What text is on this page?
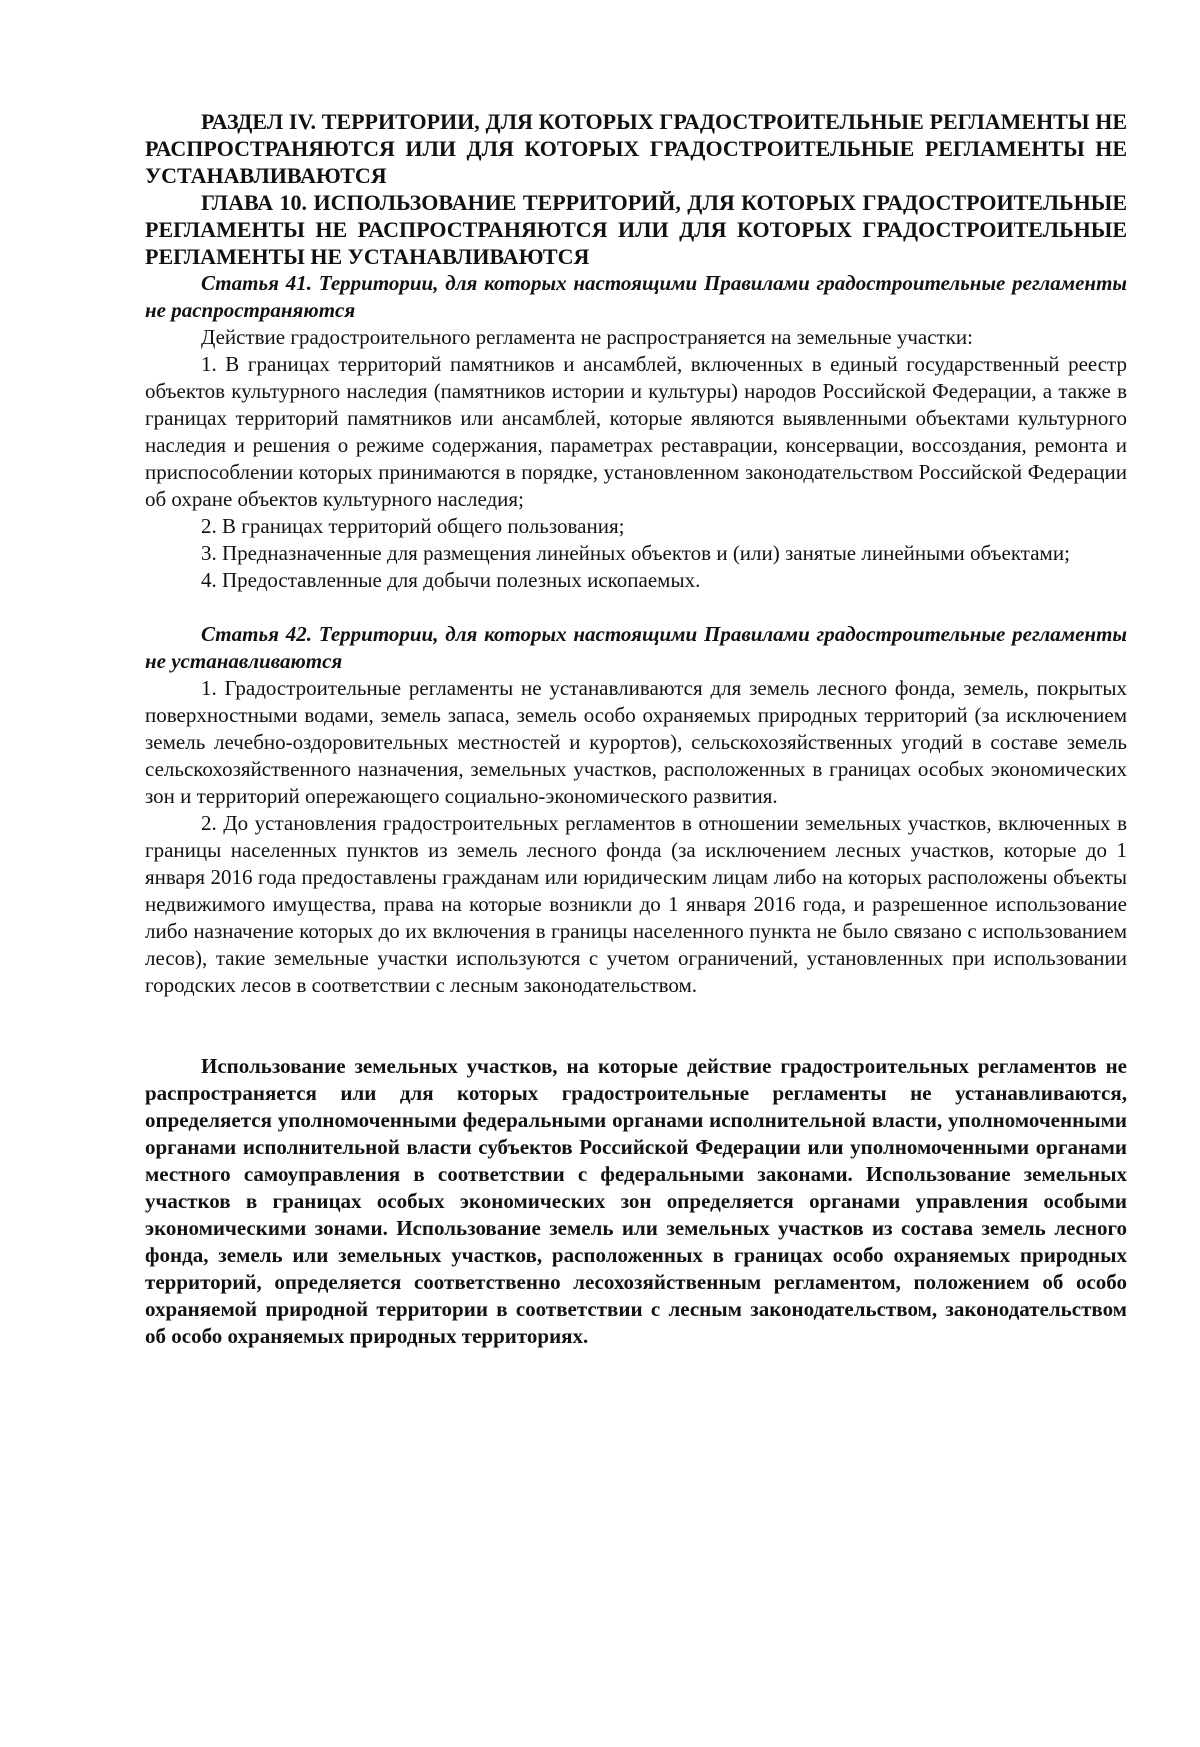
РАЗДЕЛ IV. ТЕРРИТОРИИ, ДЛЯ КОТОРЫХ ГРАДОСТРОИТЕЛЬНЫЕ РЕГЛАМЕНТЫ НЕ РАСПРОСТРАНЯЮТСЯ ИЛИ ДЛЯ КОТОРЫХ ГРАДОСТРОИТЕЛЬНЫЕ РЕГЛАМЕНТЫ НЕ УСТАНАВЛИВАЮТСЯ

ГЛАВА 10. ИСПОЛЬЗОВАНИЕ ТЕРРИТОРИЙ, ДЛЯ КОТОРЫХ ГРАДОСТРОИТЕЛЬНЫЕ РЕГЛАМЕНТЫ НЕ РАСПРОСТРАНЯЮТСЯ ИЛИ ДЛЯ КОТОРЫХ ГРАДОСТРОИТЕЛЬНЫЕ РЕГЛАМЕНТЫ НЕ УСТАНАВЛИВАЮТСЯ

Статья 41. Территории, для которых настоящими Правилами градостроительные регламенты не распространяются

Действие градостроительного регламента не распространяется на земельные участки:

1. В границах территорий памятников и ансамблей, включенных в единый государственный реестр объектов культурного наследия (памятников истории и культуры) народов Российской Федерации, а также в границах территорий памятников или ансамблей, которые являются выявленными объектами культурного наследия и решения о режиме содержания, параметрах реставрации, консервации, воссоздания, ремонта и приспособлении которых принимаются в порядке, установленном законодательством Российской Федерации об охране объектов культурного наследия;

2. В границах территорий общего пользования;

3. Предназначенные для размещения линейных объектов и (или) занятые линейными объектами;

4. Предоставленные для добычи полезных ископаемых.

Статья 42. Территории, для которых настоящими Правилами градостроительные регламенты не устанавливаются

1. Градостроительные регламенты не устанавливаются для земель лесного фонда, земель, покрытых поверхностными водами, земель запаса, земель особо охраняемых природных территорий (за исключением земель лечебно-оздоровительных местностей и курортов), сельскохозяйственных угодий в составе земель сельскохозяйственного назначения, земельных участков, расположенных в границах особых экономических зон и территорий опережающего социально-экономического развития.

2. До установления градостроительных регламентов в отношении земельных участков, включенных в границы населенных пунктов из земель лесного фонда (за исключением лесных участков, которые до 1 января 2016 года предоставлены гражданам или юридическим лицам либо на которых расположены объекты недвижимого имущества, права на которые возникли до 1 января 2016 года, и разрешенное использование либо назначение которых до их включения в границы населенного пункта не было связано с использованием лесов), такие земельные участки используются с учетом ограничений, установленных при использовании городских лесов в соответствии с лесным законодательством.

Использование земельных участков, на которые действие градостроительных регламентов не распространяется или для которых градостроительные регламенты не устанавливаются, определяется уполномоченными федеральными органами исполнительной власти, уполномоченными органами исполнительной власти субъектов Российской Федерации или уполномоченными органами местного самоуправления в соответствии с федеральными законами. Использование земельных участков в границах особых экономических зон определяется органами управления особыми экономическими зонами. Использование земель или земельных участков из состава земель лесного фонда, земель или земельных участков, расположенных в границах особо охраняемых природных территорий, определяется соответственно лесохозяйственным регламентом, положением об особо охраняемой природной территории в соответствии с лесным законодательством, законодательством об особо охраняемых природных территориях.
